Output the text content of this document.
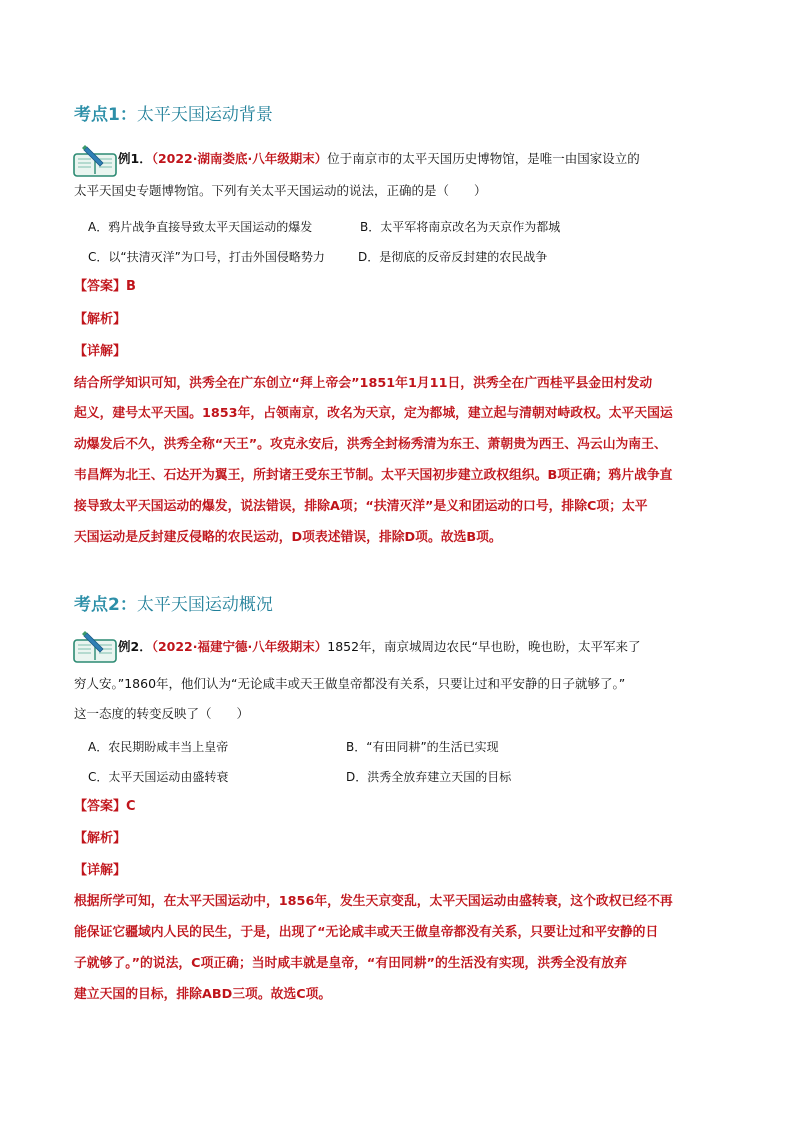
考点1：太平天国运动背景
例1．（2022·湖南娄底·八年级期末）位于南京市的太平天国历史博物馆，是唯一由国家设立的
太平天国史专题博物馆。下列有关太平天国运动的说法，正确的是（　　）
A．鸦片战争直接导致太平天国运动的爆发	B．太平军将南京改名为天京作为都城
C．以“扶清灭洋”为口号，打击外国侵略势力	D．是彻底的反帝反封建的农民战争
【答案】B
【解析】
【详解】
结合所学知识可知，洪秀全在广东创立“拜上帝会”1851年1月11日，洪秀全在广西桂平县金田村发动
起义，建号太平天国。1853年，占领南京，改名为天京，定为都城，建立起与清朝对峙政权。太平天国运
动爆发后不久，洪秀全称“天王”。攻克永安后，洪秀全封杨秀清为东王、萧朝贵为西王、冯云山为南王、
韦昌辉为北王、石达开为翼王，所封诸王受东王节制。太平天国初步建立政权组织。B项正确；鸦片战争直
接导致太平天国运动的爆发，说法错误，排除A项；“扶清灭洋”是义和团运动的口号，排除C项；太平
天国运动是反封建反侵略的农民运动，D项表述错误，排除D项。故选B项。
考点2：太平天国运动概况
例2．（2022·福建宁德·八年级期末）1852年，南京城周边农民“早也盼，晚也盼，太平军来了
穷人安。”1860年，他们认为“无论咸丰或天王做皇帝都没有关系，只要让过和平安静的日子就够了。”
这一态度的转变反映了（　　）
A．农民期盼咸丰当上皇帝	B．“有田同耕”的生活已实现
C．太平天国运动由盛转衰	D．洪秀全放弃建立天国的目标
【答案】C
【解析】
【详解】
根据所学可知，在太平天国运动中，1856年，发生天京变乱，太平天国运动由盛转衰，这个政权已经不再
能保证它疆域内人民的民生，于是，出现了“无论咸丰或天王做皇帝都没有关系，只要让过和平安静的日
子就够了。”的说法，C项正确；当时咸丰就是皇帝，“有田同耕”的生活没有实现，洪秀全没有放弃
建立天国的目标，排除ABD三项。故选C项。
